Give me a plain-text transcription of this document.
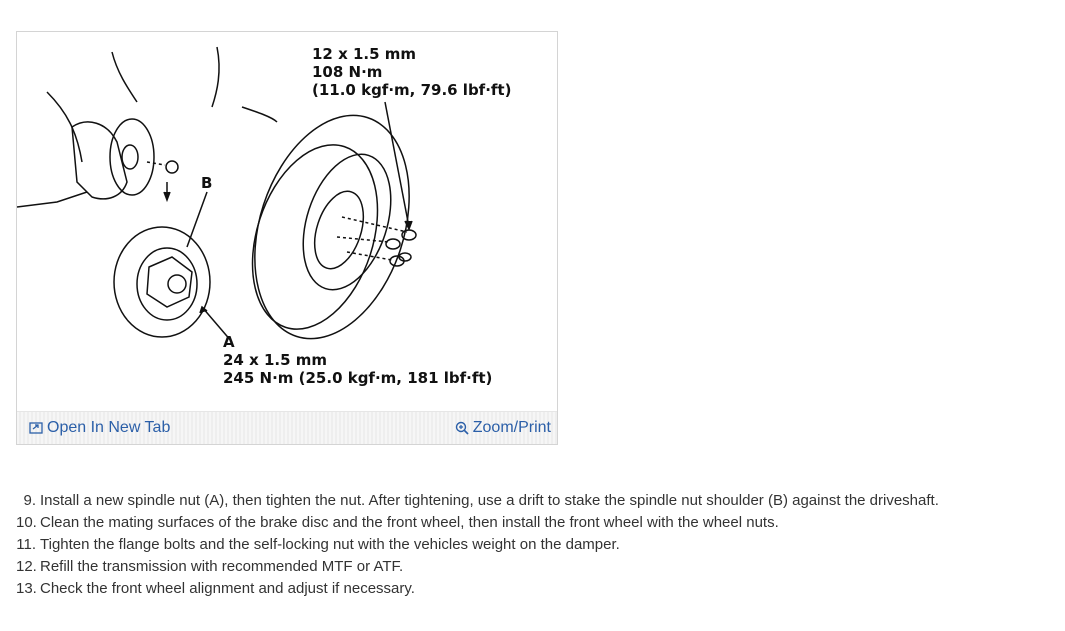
12 x 1.5 mm
108 N·m
(11.0 kgf·m, 79.6 lbf·ft)
B
A
24 x 1.5 mm
245 N·m (25.0 kgf·m, 181 lbf·ft)
Open In New Tab	Zoom/Print
9. Install a new spindle nut (A), then tighten the nut. After tightening, use a drift to stake the spindle nut shoulder (B) against the driveshaft.
10. Clean the mating surfaces of the brake disc and the front wheel, then install the front wheel with the wheel nuts.
11. Tighten the flange bolts and the self-locking nut with the vehicles weight on the damper.
12. Refill the transmission with recommended MTF or ATF.
13. Check the front wheel alignment and adjust if necessary.
